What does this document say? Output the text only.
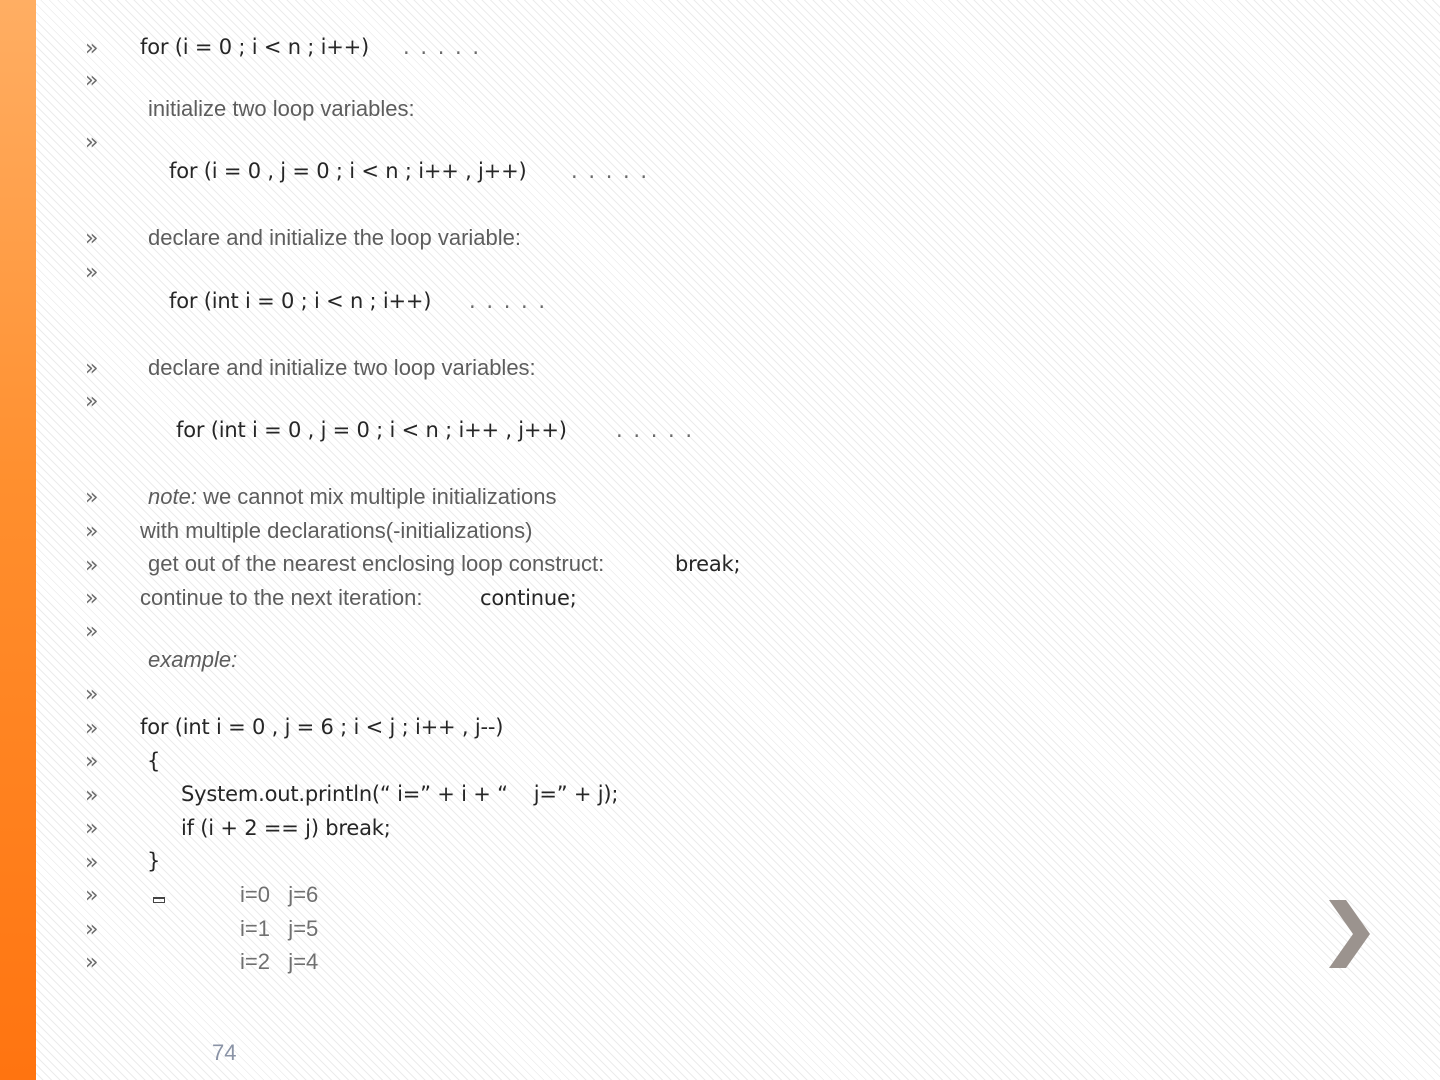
»
»
»
»
»
»
»
»
»
»
»
»
»
»
»
»
»
»
»
»
»
for (i = 0 ; i < n ; i++) . . . . .
initialize two loop variables:
for (i = 0 , j = 0 ; i < n ; i++ , j++) . . . . .
declare and initialize the loop variable:
for (int i = 0 ; i < n ; i++) . . . . .
declare and initialize two loop variables:
for (int i = 0 , j = 0 ; i < n ; i++ , j++) . . . . .
note: we cannot mix multiple initializations
with multiple declarations(-initializations)
get out of the nearest enclosing loop construct:	break;
continue to the next iteration:	continue;
example:
for (int i = 0 , j = 6 ; i < j ; i++ , j--)
{
System.out.println(“ i=” + i + “    j=” + j);
if (i + 2 == j) break;
}
i=0   j=6
i=1   j=5
i=2   j=4
74
